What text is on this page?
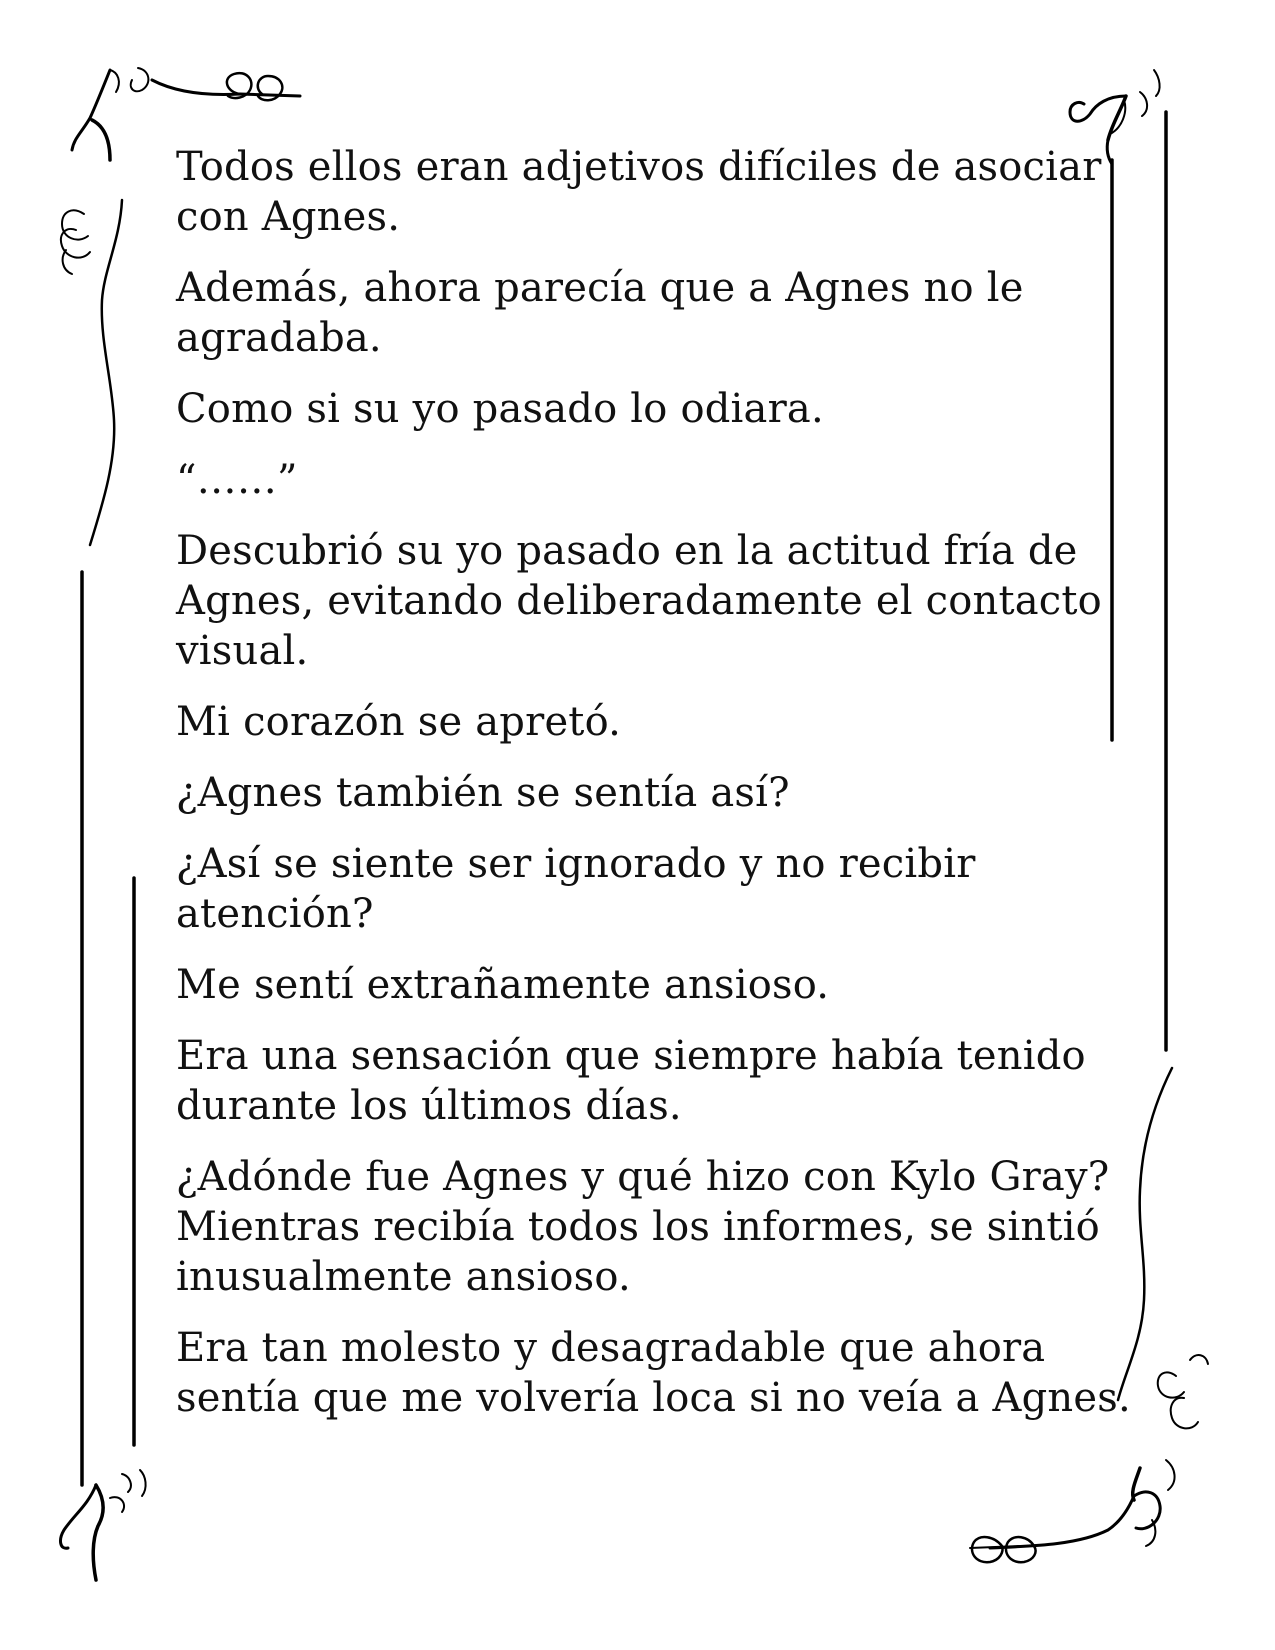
Todos ellos eran adjetivos difíciles de asociar
con Agnes.

Además, ahora parecía que a Agnes no le
agradaba.

Como si su yo pasado lo odiara.

“……”

Descubrió su yo pasado en la actitud fría de
Agnes, evitando deliberadamente el contacto
visual.

Mi corazón se apretó.

¿Agnes también se sentía así?

¿Así se siente ser ignorado y no recibir
atención?

Me sentí extrañamente ansioso.

Era una sensación que siempre había tenido
durante los últimos días.

¿Adónde fue Agnes y qué hizo con Kylo Gray?
Mientras recibía todos los informes, se sintió
inusualmente ansioso.

Era tan molesto y desagradable que ahora
sentía que me volvería loca si no veía a Agnes.
